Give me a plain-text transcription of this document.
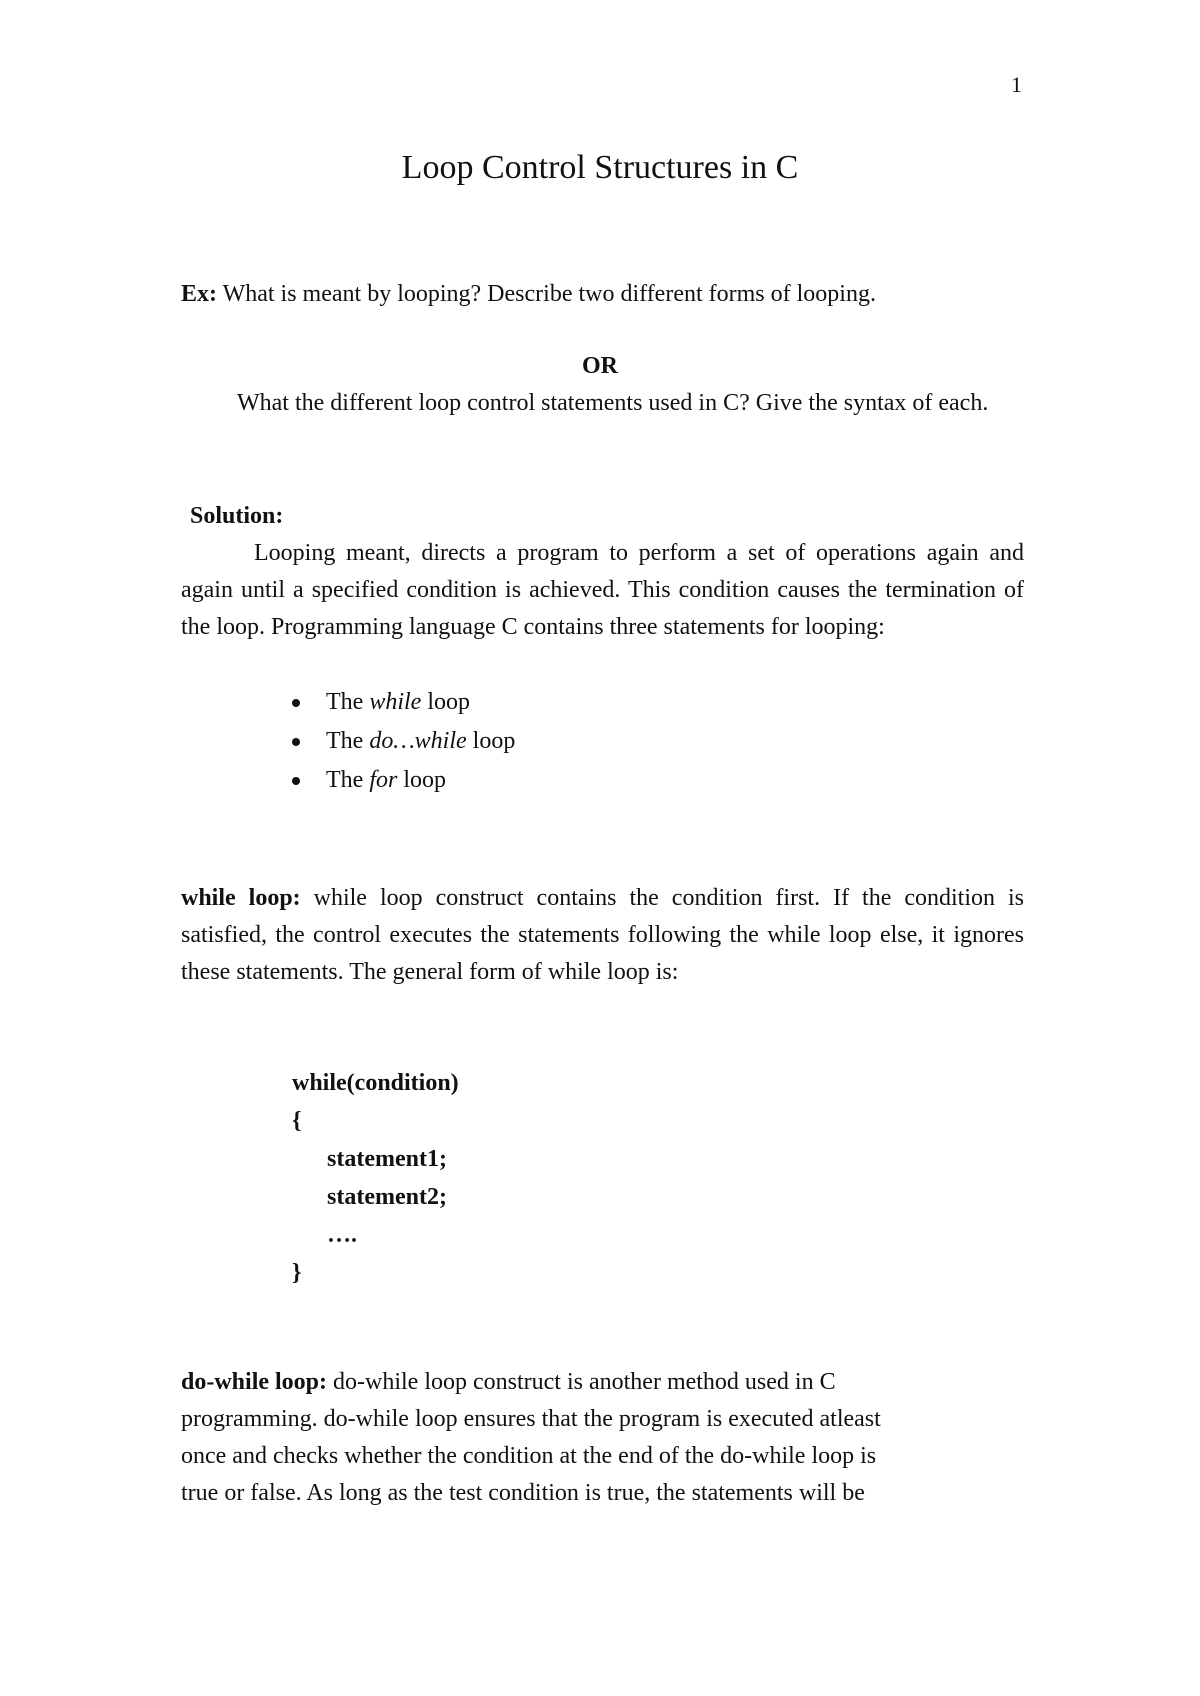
1
Loop Control Structures in C

Ex: What is meant by looping? Describe two different forms of looping.

OR

What the different loop control statements used in C? Give the syntax of each.

Solution:

Looping meant, directs a program to perform a set of operations again and again until a specified condition is achieved. This condition causes the termination of the loop. Programming language C contains three statements for looping:

The while loop
The do…while loop
The for loop

while loop: while loop construct contains the condition first. If the condition is satisfied, the control executes the statements following the while loop else, it ignores these statements. The general form of while loop is:

while(condition)
{
statement1;
statement2;
….
}
do-while loop: do-while loop construct is another method used in C
programming. do-while loop ensures that the program is executed atleast
once and checks whether the condition at the end of the do-while loop is
true or false. As long as the test condition is true, the statements will be
